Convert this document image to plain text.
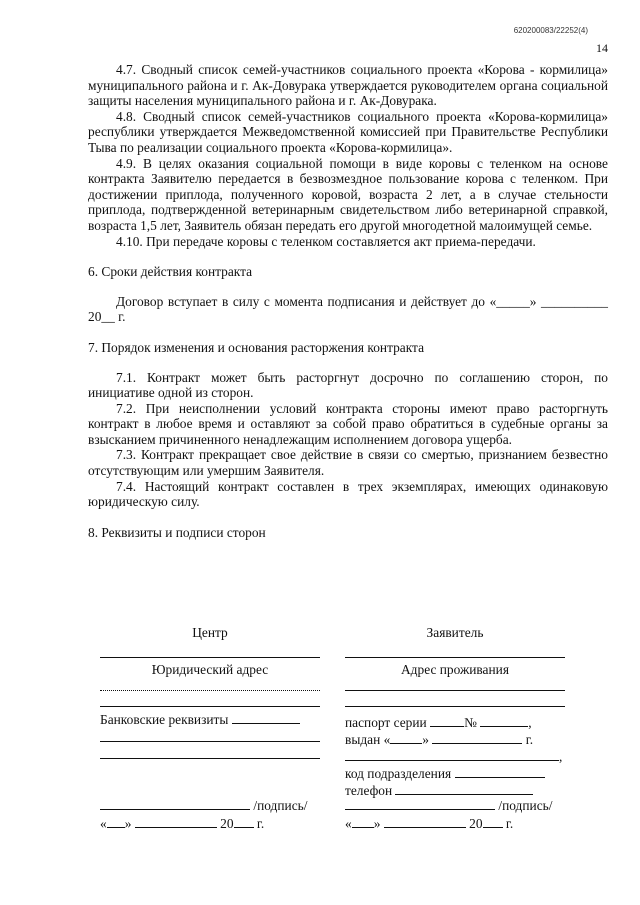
620200083/22252(4)
14

4.7. Сводный список семей-участников социального проекта «Корова - кормилица» муниципального района и г. Ак-Довурака утверждается руководителем органа социальной защиты населения муниципального района и г. Ак-Довурака.

4.8. Сводный список семей-участников социального проекта «Корова-кормилица» республики утверждается Межведомственной комиссией при Правительстве Республики Тыва по реализации социального проекта «Корова-кормилица».

4.9. В целях оказания социальной помощи в виде коровы с теленком на основе контракта Заявителю передается в безвозмездное пользование корова с теленком. При достижении приплода, полученного коровой, возраста 2 лет, а в случае стельности приплода, подтвержденной ветеринарным свидетельством либо ветеринарной справкой, возраста 1,5 лет, Заявитель обязан передать его другой многодетной малоимущей семье.

4.10. При передаче коровы с теленком составляется акт приема-передачи.

6. Сроки действия контракта

Договор вступает в силу с момента подписания и действует до «_____» __________ 20__ г.

7. Порядок изменения и основания расторжения контракта

7.1. Контракт может быть расторгнут досрочно по соглашению сторон, по инициативе одной из сторон.

7.2. При неисполнении условий контракта стороны имеют право расторгнуть контракт в любое время и оставляют за собой право обратиться в судебные органы за взысканием причиненного ненадлежащим исполнением договора ущерба.

7.3. Контракт прекращает свое действие в связи со смертью, признанием безвестно отсутствующим или умершим Заявителя.

7.4. Настоящий контракт составлен в трех экземплярах, имеющих одинаковую юридическую силу.

8. Реквизиты и подписи сторон

Центр
Юридический адрес
Банковские реквизиты
/подпись/
« »	20 г.
Заявитель
Адрес проживания
паспорт серии	№	,
выдан « »	г.
,
код подразделения
телефон
/подпись/
« »	20 г.
